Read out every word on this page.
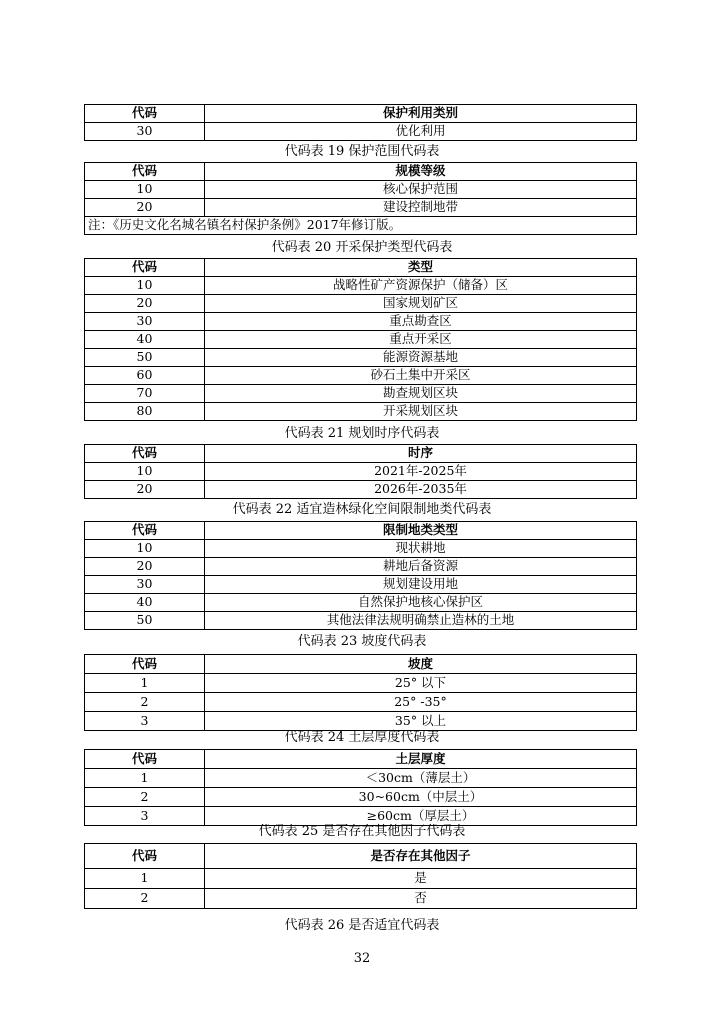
代码	保护利用类别
30	优化利用
代码表 19 保护范围代码表
代码	规模等级
10	核心保护范围
20	建设控制地带
注：《历史文化名城名镇名村保护条例》2017年修订版。	
代码表 20 开采保护类型代码表
代码	类型
10	战略性矿产资源保护（储备）区
20	国家规划矿区
30	重点勘查区
40	重点开采区
50	能源资源基地
60	砂石土集中开采区
70	勘查规划区块
80	开采规划区块
代码表 21 规划时序代码表
代码	时序
10	2021年-2025年
20	2026年-2035年
代码表 22 适宜造林绿化空间限制地类代码表
代码	限制地类类型
10	现状耕地
20	耕地后备资源
30	规划建设用地
40	自然保护地核心保护区
50	其他法律法规明确禁止造林的土地
代码表 23 坡度代码表
代码	坡度
1	25° 以下
2	25° -35°
3	35° 以上
代码表 24 土层厚度代码表
代码	土层厚度
1	＜30cm（薄层土）
2	30~60cm（中层土）
3	≥60cm（厚层土）
代码表 25 是否存在其他因子代码表
代码	是否存在其他因子
1	是
2	否
代码表 26 是否适宜代码表
32
